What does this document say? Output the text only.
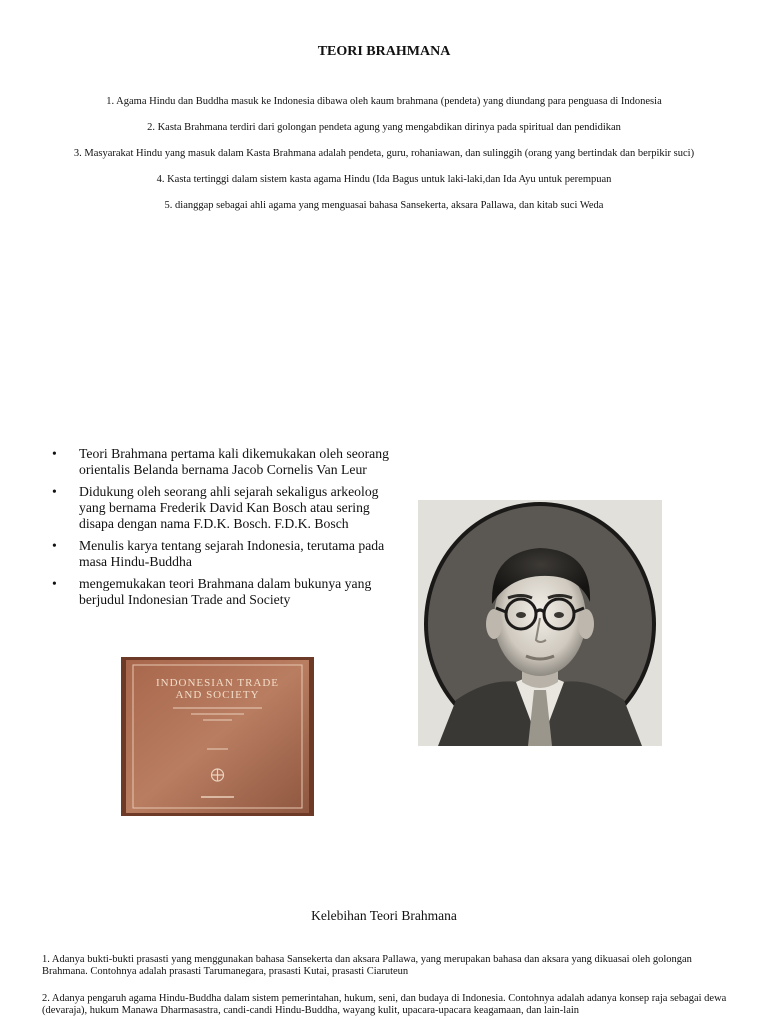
TEORI BRAHMANA
1. Agama Hindu dan Buddha masuk ke Indonesia dibawa oleh kaum brahmana (pendeta) yang diundang para penguasa di Indonesia
2. Kasta Brahmana terdiri dari golongan pendeta agung yang mengabdikan dirinya pada spiritual dan pendidikan
3. Masyarakat Hindu yang masuk dalam Kasta Brahmana adalah pendeta, guru, rohaniawan, dan sulinggih (orang yang bertindak dan berpikir suci)
4. Kasta tertinggi dalam sistem kasta agama Hindu (Ida Bagus untuk laki-laki,dan Ida Ayu untuk perempuan
5. dianggap sebagai ahli agama yang menguasai bahasa Sansekerta, aksara Pallawa, dan kitab suci Weda
• Teori Brahmana pertama kali dikemukakan oleh seorang orientalis Belanda bernama Jacob Cornelis Van Leur
• Didukung oleh seorang ahli sejarah sekaligus arkeolog yang bernama Frederik David Kan Bosch atau sering disapa dengan nama F.D.K. Bosch. F.D.K. Bosch
• Menulis karya tentang sejarah Indonesia, terutama pada masa Hindu-Buddha
• mengemukakan teori Brahmana dalam bukunya yang berjudul Indonesian Trade and Society
INDONESIAN TRADE
AND SOCIETY

Kelebihan Teori Brahmana

1. Adanya bukti-bukti prasasti yang menggunakan bahasa Sansekerta dan aksara Pallawa, yang merupakan bahasa dan aksara yang dikuasai oleh golongan Brahmana. Contohnya adalah prasasti Tarumanegara, prasasti Kutai, prasasti Ciaruteun
2. Adanya pengaruh agama Hindu-Buddha dalam sistem pemerintahan, hukum, seni, dan budaya di Indonesia. Contohnya adalah adanya konsep raja sebagai dewa (devaraja), hukum Manawa Dharmasastra, candi-candi Hindu-Buddha, wayang kulit, upacara-upacara keagamaan, dan lain-lain
